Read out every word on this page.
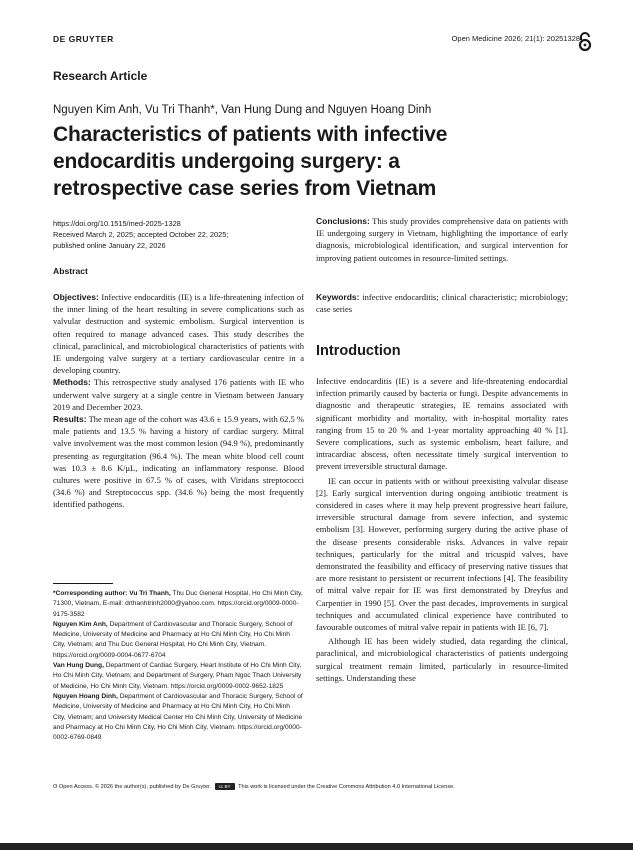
DE GRUYTER	Open Medicine 2026; 21(1): 20251328
Research Article
Nguyen Kim Anh, Vu Tri Thanh*, Van Hung Dung and Nguyen Hoang Dinh
Characteristics of patients with infective endocarditis undergoing surgery: a retrospective case series from Vietnam
https://doi.org/10.1515/med-2025-1328
Received March 2, 2025; accepted October 22, 2025;
published online January 22, 2026
Abstract

Objectives: Infective endocarditis (IE) is a life-threatening infection of the inner lining of the heart resulting in severe complications such as valvular destruction and systemic embolism. Surgical intervention is often required to manage advanced cases. This study describes the clinical, paraclinical, and microbiological characteristics of patients with IE undergoing valve surgery at a tertiary cardiovascular centre in a developing country.

Methods: This retrospective study analysed 176 patients with IE who underwent valve surgery at a single centre in Vietnam between January 2019 and December 2023.

Results: The mean age of the cohort was 43.6 ± 15.9 years, with 62.5 % male patients and 13.5 % having a history of cardiac surgery. Mitral valve involvement was the most common lesion (94.9 %), predominantly presenting as regurgitation (96.4 %). The mean white blood cell count was 10.3 ± 8.6 K/μL, indicating an inflammatory response. Blood cultures were positive in 67.5 % of cases, with Viridans streptococci (34.6 %) and Streptococcus spp. (34.6 %) being the most frequently identified pathogens.

*Corresponding author: Vu Tri Thanh, Thu Duc General Hospital, Ho Chi Minh City, 71300, Vietnam, E-mail: drthanhtrinh2000@yahoo.com. https://orcid.org/0009-0000-9175-3582

Nguyen Kim Anh, Department of Cardiovascular and Thoracic Surgery, School of Medicine, University of Medicine and Pharmacy at Ho Chi Minh City, Ho Chi Minh City, Vietnam; and Thu Duc General Hospital, Ho Chi Minh City, Vietnam. https://orcid.org/0009-0004-0677-6704

Van Hung Dung, Department of Cardiac Surgery, Heart Institute of Ho Chi Minh City, Ho Chi Minh City, Vietnam; and Department of Surgery, Pham Ngoc Thach University of Medicine, Ho Chi Minh City, Vietnam. https://orcid.org/0009-0002-9652-1825

Nguyen Hoang Dinh, Department of Cardiovascular and Thoracic Surgery, School of Medicine, University of Medicine and Pharmacy at Ho Chi Minh City, Ho Chi Minh City, Vietnam; and University Medical Center Ho Chi Minh City, University of Medicine and Pharmacy at Ho Chi Minh City, Ho Chi Minh City, Vietnam. https://orcid.org/0000-0002-6769-0849

Conclusions: This study provides comprehensive data on patients with IE undergoing surgery in Vietnam, highlighting the importance of early diagnosis, microbiological identification, and surgical intervention for improving patient outcomes in resource-limited settings.

Keywords: infective endocarditis; clinical characteristic; microbiology; case series

Introduction

Infective endocarditis (IE) is a severe and life-threatening endocardial infection primarily caused by bacteria or fungi. Despite advancements in diagnostic and therapeutic strategies, IE remains associated with significant morbidity and mortality, with in-hospital mortality rates ranging from 15 to 20 % and 1-year mortality approaching 40 % [1]. Severe complications, such as systemic embolism, heart failure, and intracardiac abscess, often necessitate timely surgical intervention to prevent irreversible structural damage.

IE can occur in patients with or without preexisting valvular disease [2]. Early surgical intervention during ongoing antibiotic treatment is considered in cases where it may help prevent progressive heart failure, irreversible structural damage from severe infection, and systemic embolism [3]. However, performing surgery during the active phase of the disease presents considerable risks. Advances in valve repair techniques, particularly for the mitral and tricuspid valves, have demonstrated the feasibility and efficacy of preserving native tissues that are more resistant to persistent or recurrent infections [4]. The feasibility of mitral valve repair for IE was first demonstrated by Dreyfus and Carpentier in 1990 [5]. Over the past decades, improvements in surgical techniques and accumulated clinical experience have contributed to favourable outcomes of mitral valve repair in patients with IE [6, 7].

Although IE has been widely studied, data regarding the clinical, paraclinical, and microbiological characteristics of patients undergoing surgical treatment remain limited, particularly in resource-limited settings. Understanding these

ʘ Open Access. © 2026 the author(s), published by De Gruyter. cc BY This work is licensed under the Creative Commons Attribution 4.0 International License.
